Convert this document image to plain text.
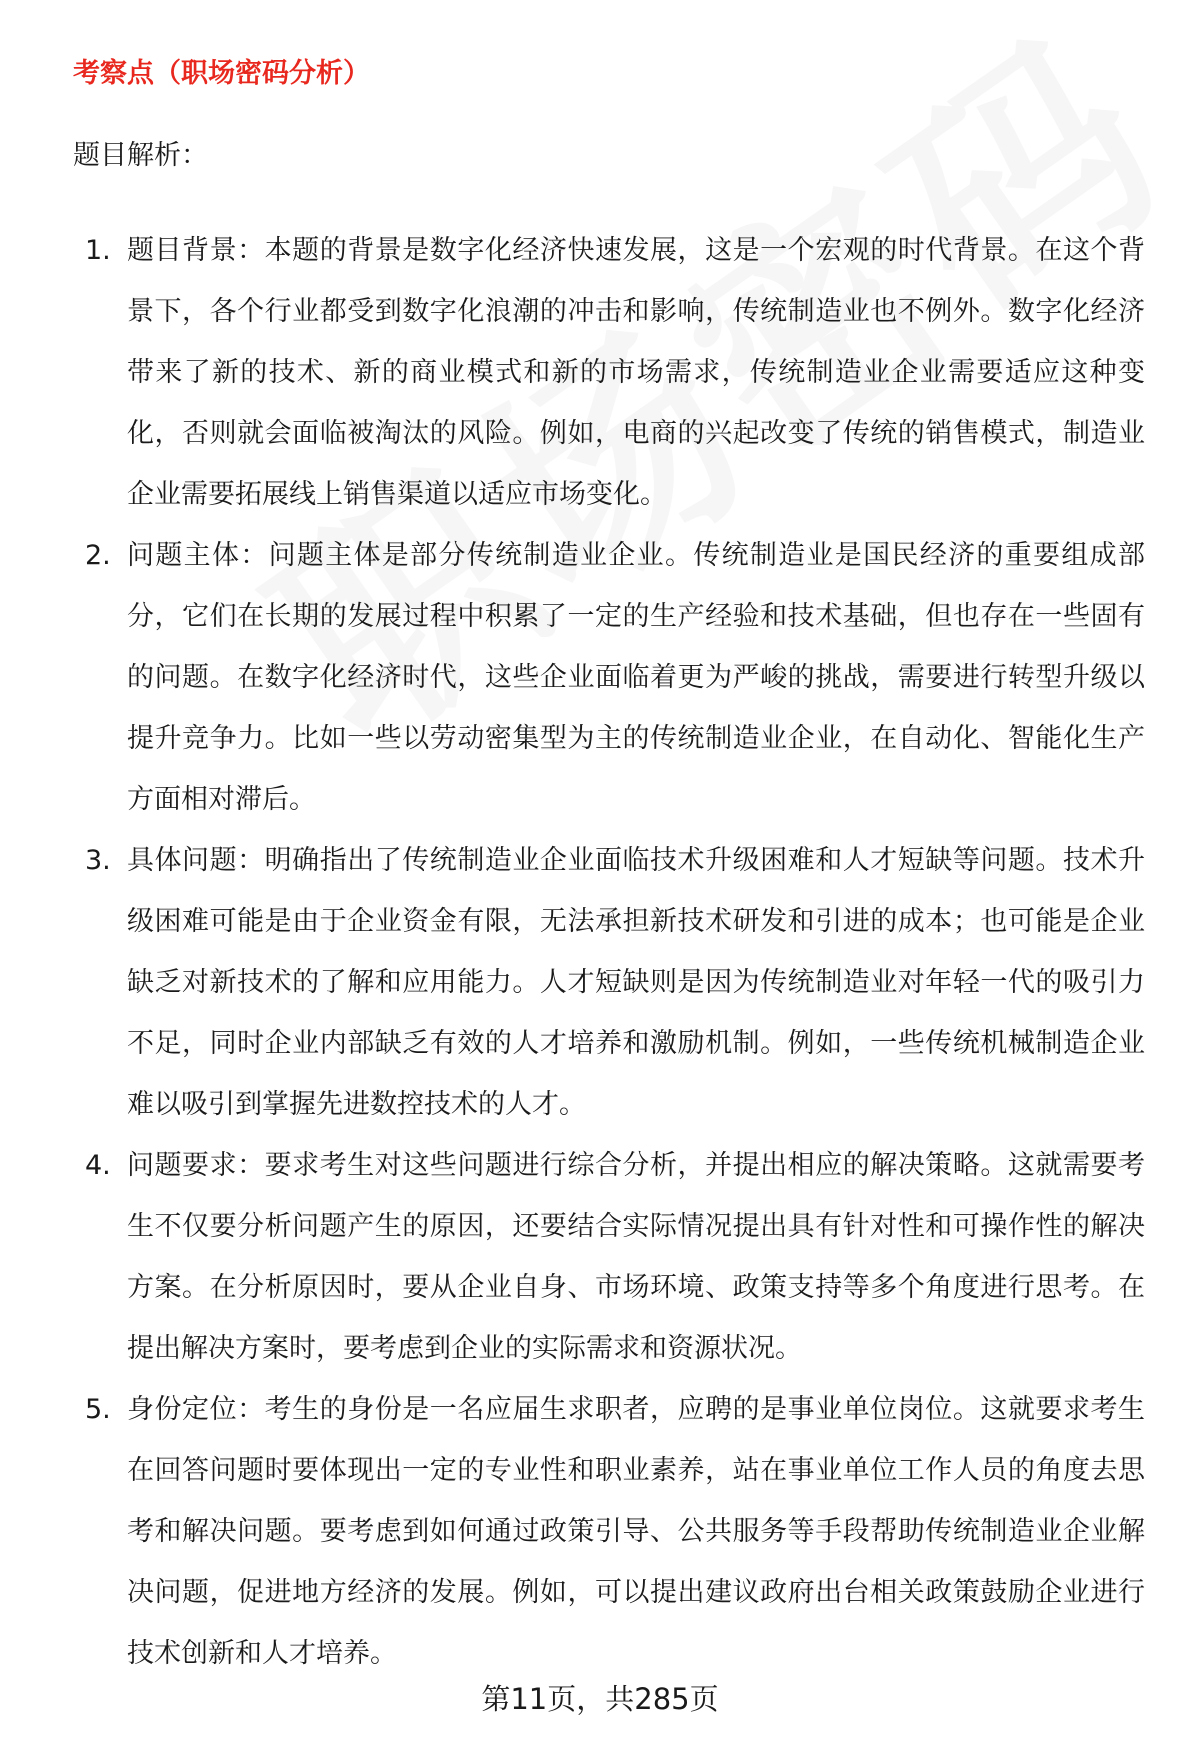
考察点（职场密码分析）
题目解析：
1. 题目背景：本题的背景是数字化经济快速发展，这是一个宏观的时代背景。在这个背景下，各个行业都受到数字化浪潮的冲击和影响，传统制造业也不例外。数字化经济带来了新的技术、新的商业模式和新的市场需求，传统制造业企业需要适应这种变化，否则就会面临被淘汰的风险。例如，电商的兴起改变了传统的销售模式，制造业企业需要拓展线上销售渠道以适应市场变化。
2. 问题主体：问题主体是部分传统制造业企业。传统制造业是国民经济的重要组成部分，它们在长期的发展过程中积累了一定的生产经验和技术基础，但也存在一些固有的问题。在数字化经济时代，这些企业面临着更为严峻的挑战，需要进行转型升级以提升竞争力。比如一些以劳动密集型为主的传统制造业企业，在自动化、智能化生产方面相对滞后。
3. 具体问题：明确指出了传统制造业企业面临技术升级困难和人才短缺等问题。技术升级困难可能是由于企业资金有限，无法承担新技术研发和引进的成本；也可能是企业缺乏对新技术的了解和应用能力。人才短缺则是因为传统制造业对年轻一代的吸引力不足，同时企业内部缺乏有效的人才培养和激励机制。例如，一些传统机械制造企业难以吸引到掌握先进数控技术的人才。
4. 问题要求：要求考生对这些问题进行综合分析，并提出相应的解决策略。这就需要考生不仅要分析问题产生的原因，还要结合实际情况提出具有针对性和可操作性的解决方案。在分析原因时，要从企业自身、市场环境、政策支持等多个角度进行思考。在提出解决方案时，要考虑到企业的实际需求和资源状况。
5. 身份定位：考生的身份是一名应届生求职者，应聘的是事业单位岗位。这就要求考生在回答问题时要体现出一定的专业性和职业素养，站在事业单位工作人员的角度去思考和解决问题。要考虑到如何通过政策引导、公共服务等手段帮助传统制造业企业解决问题，促进地方经济的发展。例如，可以提出建议政府出台相关政策鼓励企业进行技术创新和人才培养。
第11页，共285页
